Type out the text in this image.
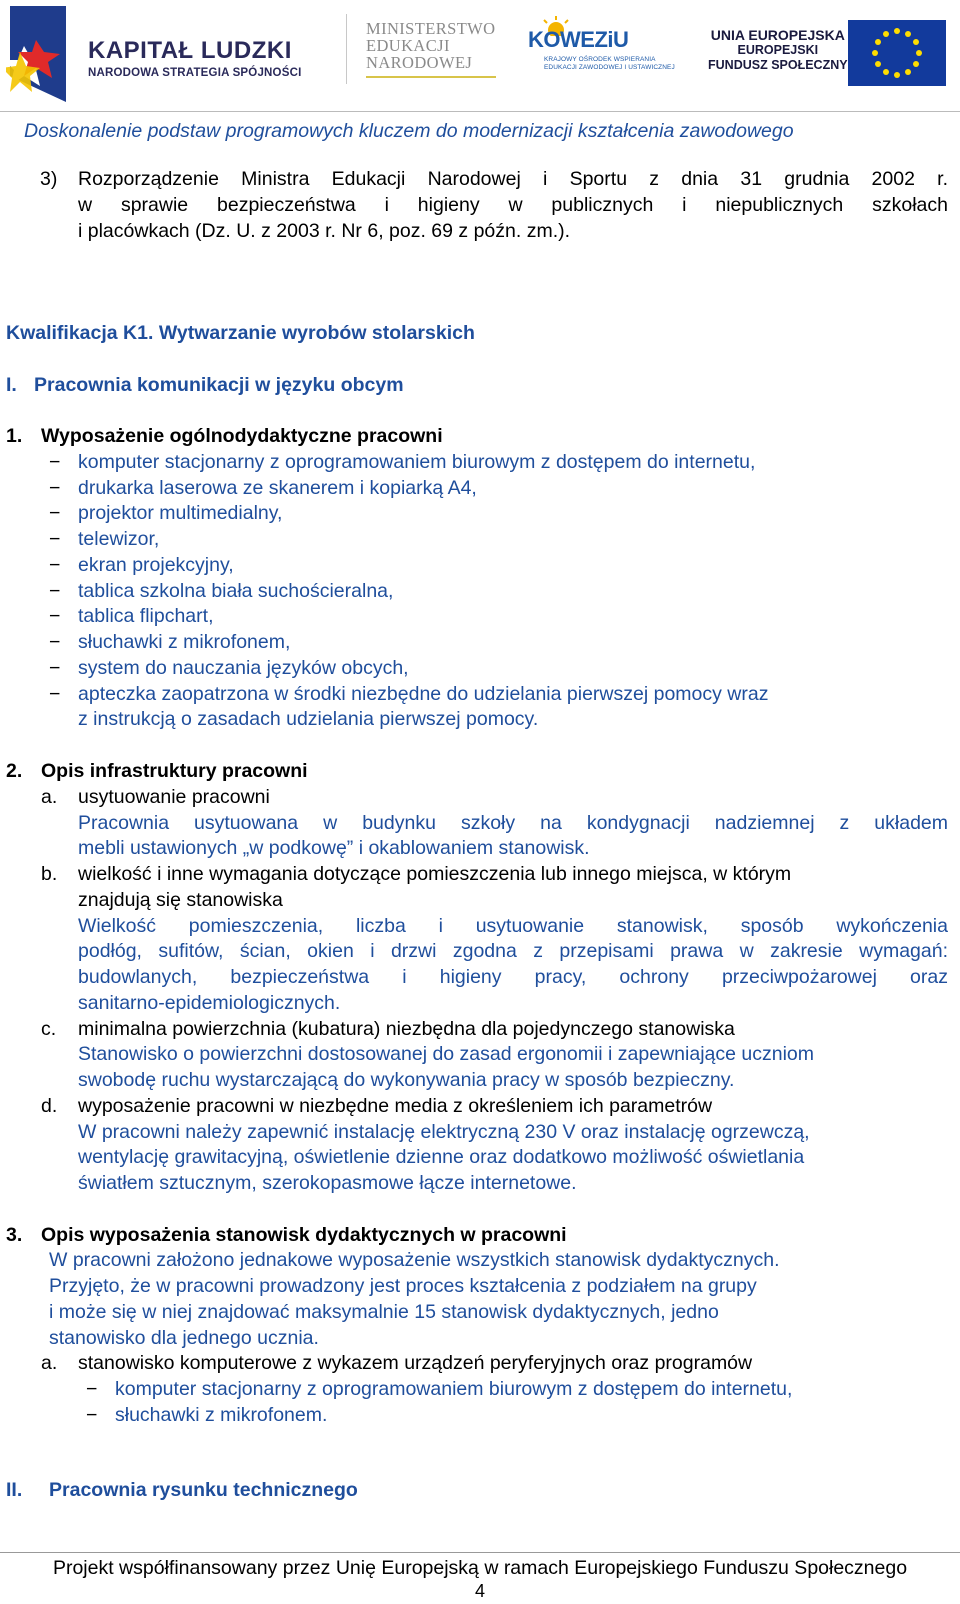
KAPITAŁ LUDZKI
NARODOWA STRATEGIA SPÓJNOŚCI
MINISTERSTWO
EDUKACJI
NARODOWEJ
KOWEZiU
KRAJOWY OŚRODEK WSPIERANIA
EDUKACJI ZAWODOWEJ I USTAWICZNEJ
UNIA EUROPEJSKA
EUROPEJSKI
FUNDUSZ SPOŁECZNY
Doskonalenie podstaw programowych kluczem do modernizacji kształcenia zawodowego
3) Rozporządzenie Ministra Edukacji Narodowej i Sportu z dnia 31 grudnia 2002 r.
w sprawie bezpieczeństwa i higieny w publicznych i niepublicznych szkołach
i placówkach (Dz. U. z 2003 r. Nr 6, poz. 69 z późn. zm.).
Kwalifikacja K1. Wytwarzanie wyrobów stolarskich
I. Pracownia komunikacji w języku obcym
1. Wyposażenie ogólnodydaktyczne pracowni
− komputer stacjonarny z oprogramowaniem biurowym z dostępem do internetu,
− drukarka laserowa ze skanerem i kopiarką A4,
− projektor multimedialny,
− telewizor,
− ekran projekcyjny,
− tablica szkolna biała suchościeralna,
− tablica flipchart,
− słuchawki z mikrofonem,
− system do nauczania języków obcych,
− apteczka zaopatrzona w środki niezbędne do udzielania pierwszej pomocy wraz
z instrukcją o zasadach udzielania pierwszej pomocy.
2. Opis infrastruktury pracowni
a. usytuowanie pracowni
Pracownia usytuowana w budynku szkoły na kondygnacji nadziemnej z układem
mebli ustawionych „w podkowę” i okablowaniem stanowisk.
b. wielkość i inne wymagania dotyczące pomieszczenia lub innego miejsca, w którym
znajdują się stanowiska
Wielkość pomieszczenia, liczba i usytuowanie stanowisk, sposób wykończenia
podłóg, sufitów, ścian, okien i drzwi zgodna z przepisami prawa w zakresie wymagań:
budowlanych, bezpieczeństwa i higieny pracy, ochrony przeciwpożarowej oraz
sanitarno-epidemiologicznych.
c. minimalna powierzchnia (kubatura) niezbędna dla pojedynczego stanowiska
Stanowisko o powierzchni dostosowanej do zasad ergonomii i zapewniające uczniom
swobodę ruchu wystarczającą do wykonywania pracy w sposób bezpieczny.
d. wyposażenie pracowni w niezbędne media z określeniem ich parametrów
W pracowni należy zapewnić instalację elektryczną 230 V oraz instalację ogrzewczą,
wentylację grawitacyjną, oświetlenie dzienne oraz dodatkowo możliwość oświetlania
światłem sztucznym, szerokopasmowe łącze internetowe.
3. Opis wyposażenia stanowisk dydaktycznych w pracowni
W pracowni założono jednakowe wyposażenie wszystkich stanowisk dydaktycznych.
Przyjęto, że w pracowni prowadzony jest proces kształcenia z podziałem na grupy
i może się w niej znajdować maksymalnie 15 stanowisk dydaktycznych, jedno
stanowisko dla jednego ucznia.
a. stanowisko komputerowe z wykazem urządzeń peryferyjnych oraz programów
− komputer stacjonarny z oprogramowaniem biurowym z dostępem do internetu,
− słuchawki z mikrofonem.
II. Pracownia rysunku technicznego
Projekt współfinansowany przez Unię Europejską w ramach Europejskiego Funduszu Społecznego
4
